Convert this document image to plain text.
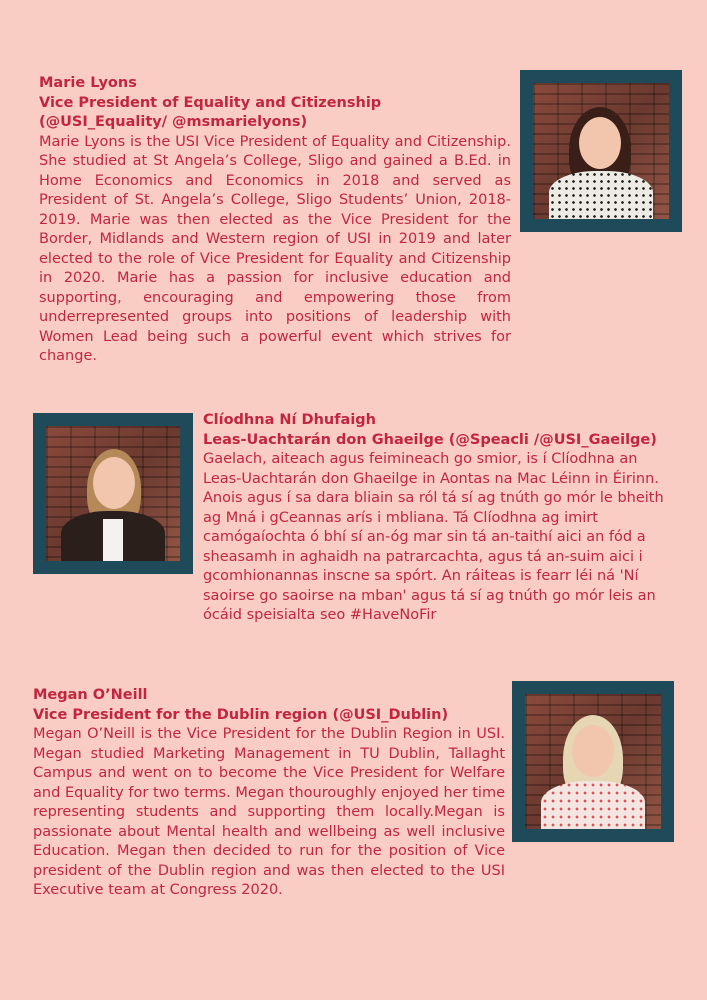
Marie Lyons

Vice President of Equality and Citizenship (@USI_Equality/ @msmarielyons)

Marie Lyons is the USI Vice President of Equality and Citizenship. She studied at St Angela’s College, Sligo and gained a B.Ed. in Home Economics and Economics in 2018 and served as President of St. Angela’s College, Sligo Students’ Union, 2018-2019. Marie was then elected as the Vice President for the Border, Midlands and Western region of USI in 2019 and later elected to the role of Vice President for Equality and Citizenship in 2020. Marie has a passion for inclusive education and supporting, encouraging and empowering those from underrepresented groups into positions of leadership with Women Lead being such a powerful event which strives for change.

Clíodhna Ní Dhufaigh

Leas-Uachtarán don Ghaeilge (@Speacli /@USI_Gaeilge)

Gaelach, aiteach agus feimineach go smior, is í Clíodhna an Leas-Uachtarán don Ghaeilge in Aontas na Mac Léinn in Éirinn. Anois agus í sa dara bliain sa ról tá sí ag tnúth go mór le bheith ag Mná i gCeannas arís i mbliana. Tá Clíodhna ag imirt camógaíochta ó bhí sí an-óg mar sin tá an-taithí aici an fód a sheasamh in aghaidh na patrarcachta, agus tá an-suim aici i gcomhionannas inscne sa spórt. An ráiteas is fearr léi ná 'Ní saoirse go saoirse na mban' agus tá sí ag tnúth go mór leis an ócáid speisialta seo #HaveNoFir

Megan O’Neill

Vice President for the Dublin region (@USI_Dublin)

Megan O’Neill is the Vice President for the Dublin Region in USI. Megan studied Marketing Management in TU Dublin, Tallaght Campus and went on to become the Vice President for Welfare and Equality for two terms. Megan thouroughly enjoyed her time representing students and supporting them locally.Megan is passionate about Mental health and wellbeing as well inclusive Education. Megan then decided to run for the position of Vice president of the Dublin region and was then elected to the USI Executive team at Congress 2020.
